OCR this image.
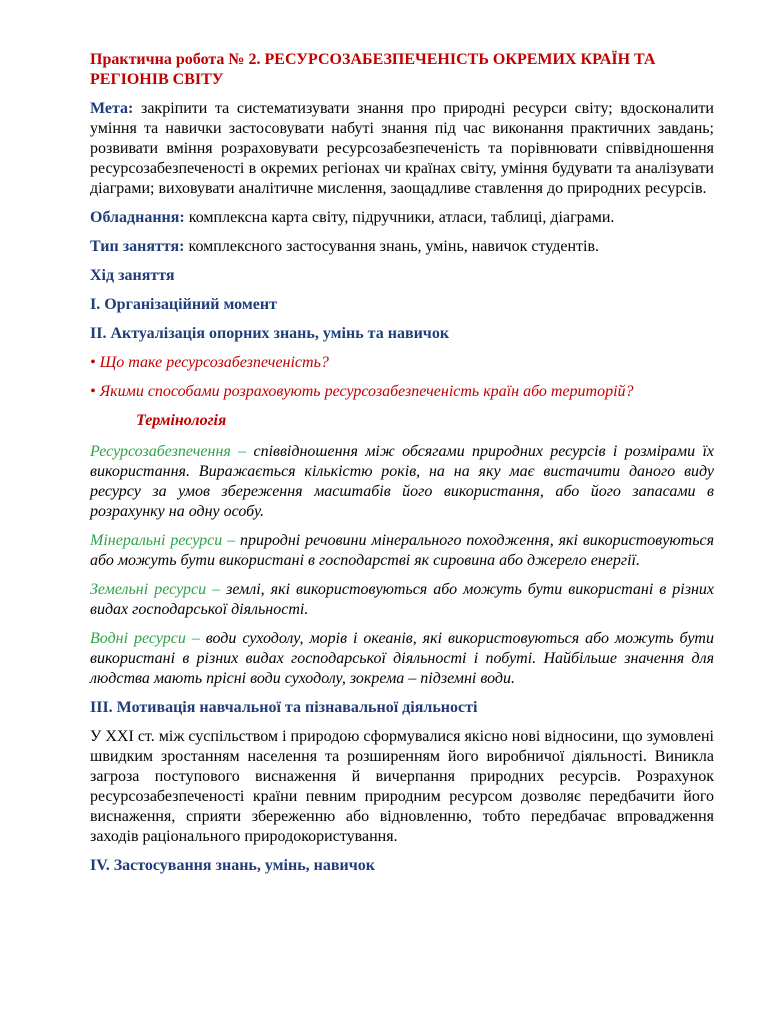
Практична робота № 2. РЕСУРСОЗАБЕЗПЕЧЕНІСТЬ ОКРЕМИХ КРАЇН ТА РЕГІОНІВ СВІТУ

Мета: закріпити та систематизувати знання про природні ресурси світу; вдосконалити уміння та навички застосовувати набуті знання під час виконання практичних завдань; розвивати вміння розраховувати ресурсозабезпеченість та порівнювати співвідношення ресурсозабезпеченості в окремих регіонах чи країнах світу, уміння будувати та аналізувати діаграми; виховувати аналітичне мислення, заощадливе ставлення до природних ресурсів.

Обладнання: комплексна карта світу, підручники, атласи, таблиці, діаграми.

Тип заняття: комплексного застосування знань, умінь, навичок студентів.

Хід заняття

І. Організаційний момент

ІІ. Актуалізація опорних знань, умінь та навичок

• Що таке ресурсозабезпеченість?

• Якими способами розраховують ресурсозабезпеченість країн або територій?

Термінологія

Ресурсозабезпечення – співвідношення між обсягами природних ресурсів і розмірами їх використання. Виражається кількістю років, на на яку має вистачити даного виду ресурсу за умов збереження масштабів його використання, або його запасами в розрахунку на одну особу.

Мінеральні ресурси – природні речовини мінерального походження, які використовуються або можуть бути використані в господарстві як сировина або джерело енергії.

Земельні ресурси – землі, які використовуються або можуть бути використані в різних видах господарської діяльності.

Водні ресурси – води суходолу, морів і океанів, які використовуються або можуть бути використані в різних видах господарської діяльності і побуті. Найбільше значення для людства мають прісні води суходолу, зокрема – підземні води.

ІІІ. Мотивація навчальної та пізнавальної діяльності

У ХХІ ст. між суспільством і природою сформувалися якісно нові відносини, що зумовлені швидким зростанням населення та розширенням його виробничої діяльності. Виникла загроза поступового виснаження й вичерпання природних ресурсів. Розрахунок ресурсозабезпеченості країни певним природним ресурсом дозволяє передбачити його виснаження, сприяти збереженню або відновленню, тобто передбачає впровадження заходів раціонального природокористування.

ІV. Застосування знань, умінь, навичок
